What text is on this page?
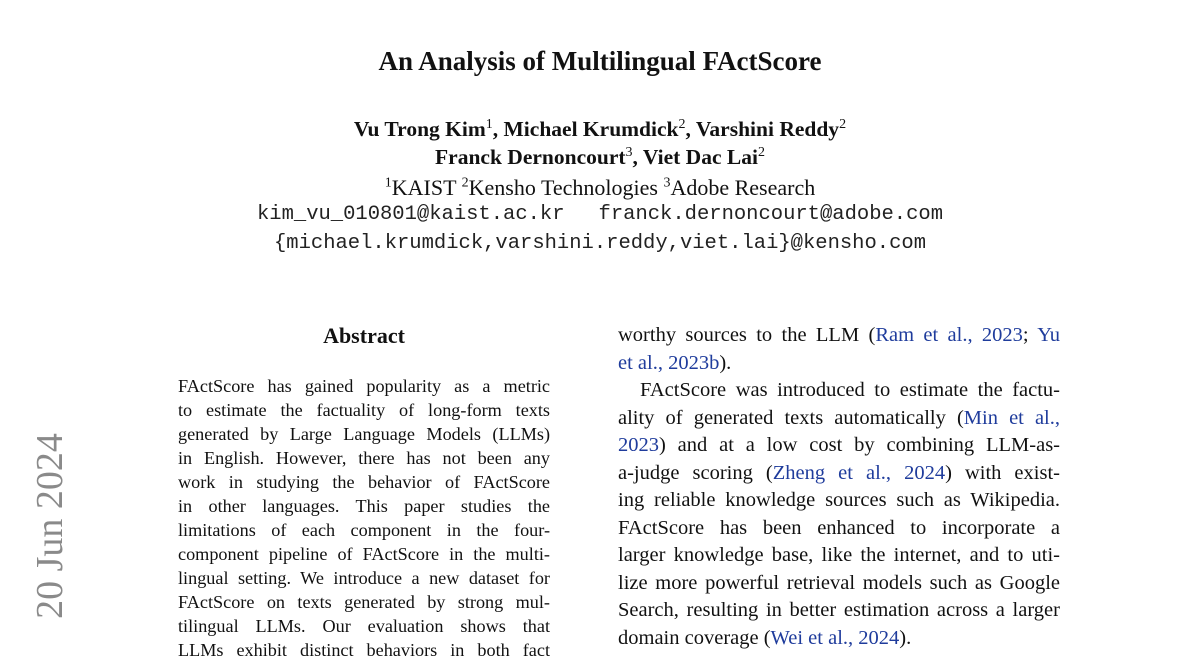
An Analysis of Multilingual FActScore
Vu Trong Kim$^1$, Michael Krumdick$^2$, Varshini Reddy$^2$
Franck Dernoncourt$^3$, Viet Dac Lai$^2$
$^1$KAIST $^2$Kensho Technologies $^3$Adobe Research
kim_vu_010801@kaist.ac.kr franck.dernoncourt@adobe.com
{michael.krumdick,varshini.reddy,viet.lai}@kensho.com
20 Jun 2024
Abstract
FActScore has gained popularity as a metric
to estimate the factuality of long-form texts
generated by Large Language Models (LLMs)
in English. However, there has not been any
work in studying the behavior of FActScore
in other languages. This paper studies the
limitations of each component in the four-
component pipeline of FActScore in the multi-
lingual setting. We introduce a new dataset for
FActScore on texts generated by strong mul-
tilingual LLMs. Our evaluation shows that
LLMs exhibit distinct behaviors in both fact
worthy sources to the LLM (Ram et al., 2023; Yu
et al., 2023b).
FActScore was introduced to estimate the factu-
ality of generated texts automatically (Min et al.,
2023) and at a low cost by combining LLM-as-
a-judge scoring (Zheng et al., 2024) with exist-
ing reliable knowledge sources such as Wikipedia.
FActScore has been enhanced to incorporate a
larger knowledge base, like the internet, and to uti-
lize more powerful retrieval models such as Google
Search, resulting in better estimation across a larger
domain coverage (Wei et al., 2024).
